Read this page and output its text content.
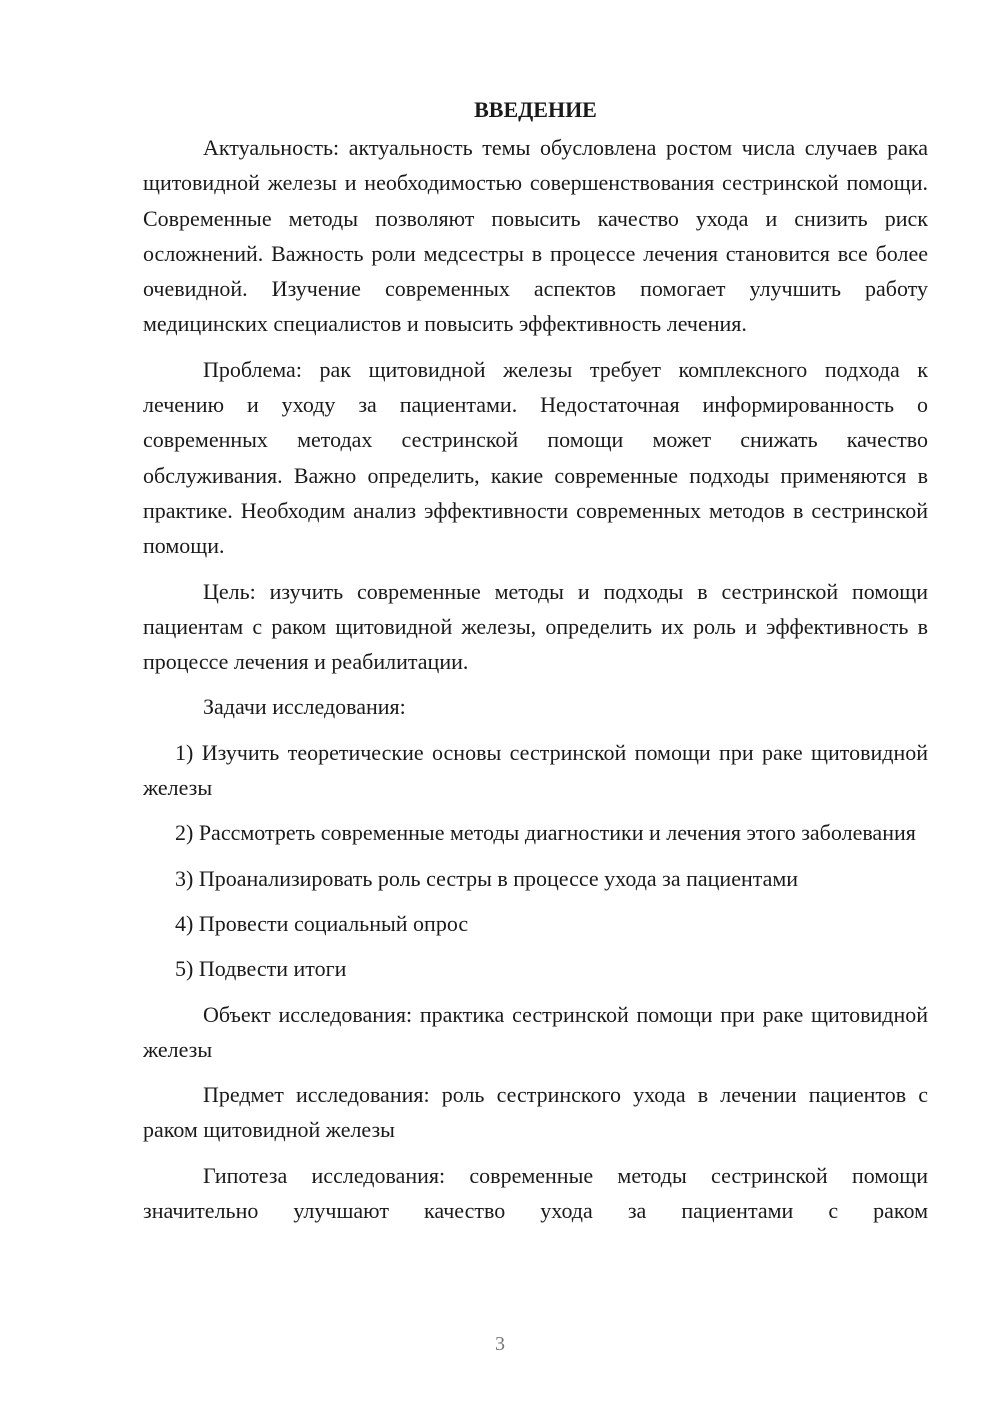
ВВЕДЕНИЕ

Актуальность: актуальность темы обусловлена ростом числа случаев рака щитовидной железы и необходимостью совершенствования сестринской помощи. Современные методы позволяют повысить качество ухода и снизить риск осложнений. Важность роли медсестры в процессе лечения становится все более очевидной. Изучение современных аспектов помогает улучшить работу медицинских специалистов и повысить эффективность лечения.

Проблема: рак щитовидной железы требует комплексного подхода к лечению и уходу за пациентами. Недостаточная информированность о современных методах сестринской помощи может снижать качество обслуживания. Важно определить, какие современные подходы применяются в практике. Необходим анализ эффективности современных методов в сестринской помощи.

Цель: изучить современные методы и подходы в сестринской помощи пациентам с раком щитовидной железы, определить их роль и эффективность в процессе лечения и реабилитации.

Задачи исследования:

1) Изучить теоретические основы сестринской помощи при раке щитовидной железы

2) Рассмотреть современные методы диагностики и лечения этого заболевания

3) Проанализировать роль сестры в процессе ухода за пациентами

4) Провести социальный опрос

5) Подвести итоги

Объект исследования: практика сестринской помощи при раке щитовидной железы

Предмет исследования: роль сестринского ухода в лечении пациентов с раком щитовидной железы

Гипотеза исследования: современные методы сестринской помощи значительно улучшают качество ухода за пациентами с раком

3
